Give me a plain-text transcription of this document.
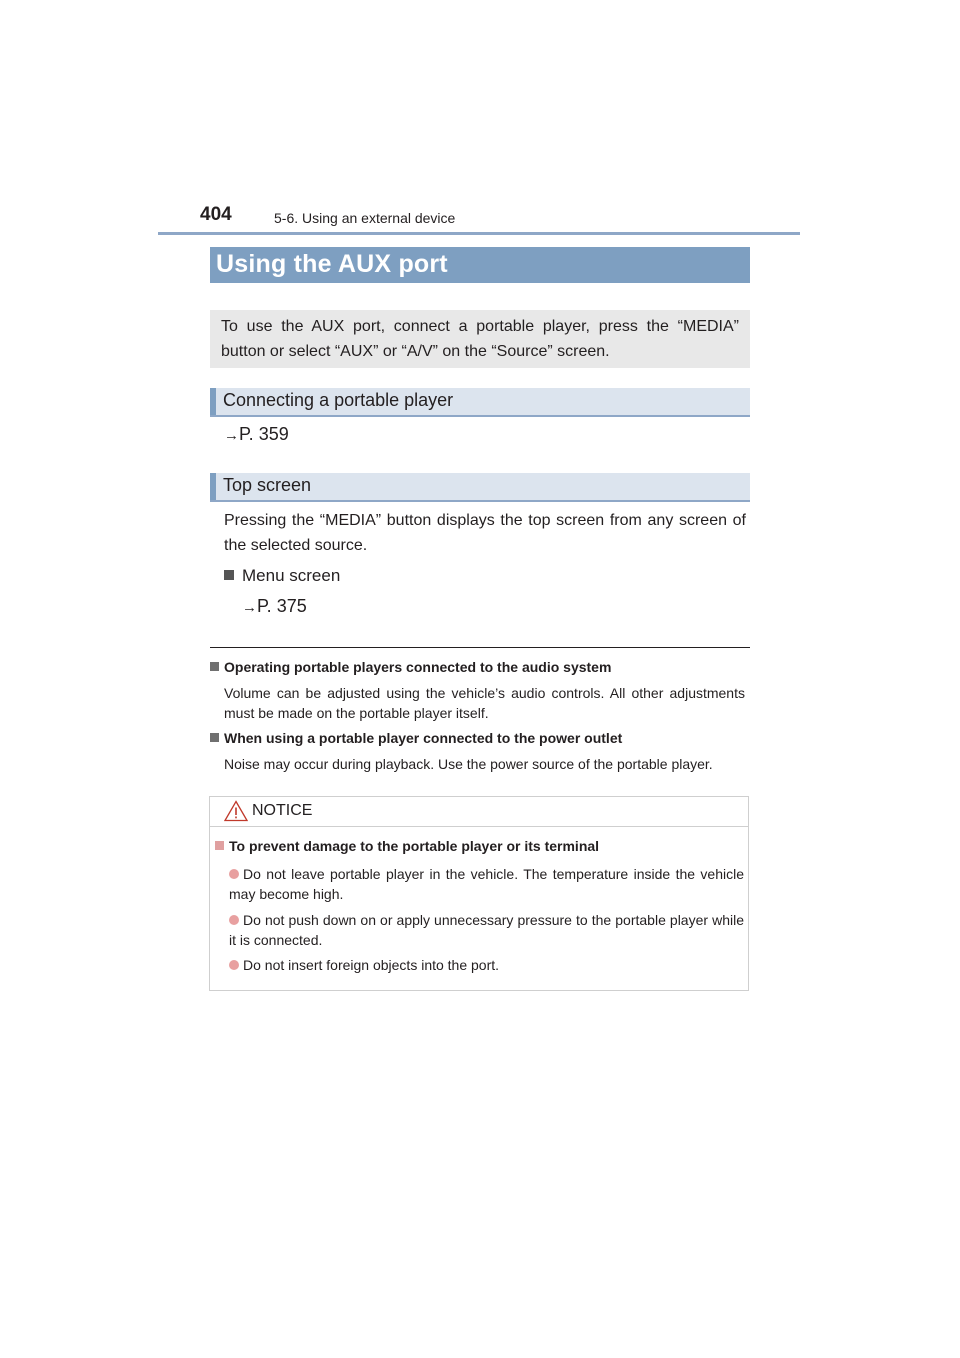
404	5-6. Using an external device
Using the AUX port
To use the AUX port, connect a portable player, press the “MEDIA” button or select “AUX” or “A/V” on the “Source” screen.
Connecting a portable player
→P. 359
Top screen
Pressing the “MEDIA” button displays the top screen from any screen of the selected source.
Menu screen
→P. 375
Operating portable players connected to the audio system
Volume can be adjusted using the vehicle’s audio controls. All other adjustments must be made on the portable player itself.
When using a portable player connected to the power outlet
Noise may occur during playback. Use the power source of the portable player.
NOTICE
To prevent damage to the portable player or its terminal
Do not leave portable player in the vehicle. The temperature inside the vehicle may become high.
Do not push down on or apply unnecessary pressure to the portable player while it is connected.
Do not insert foreign objects into the port.
